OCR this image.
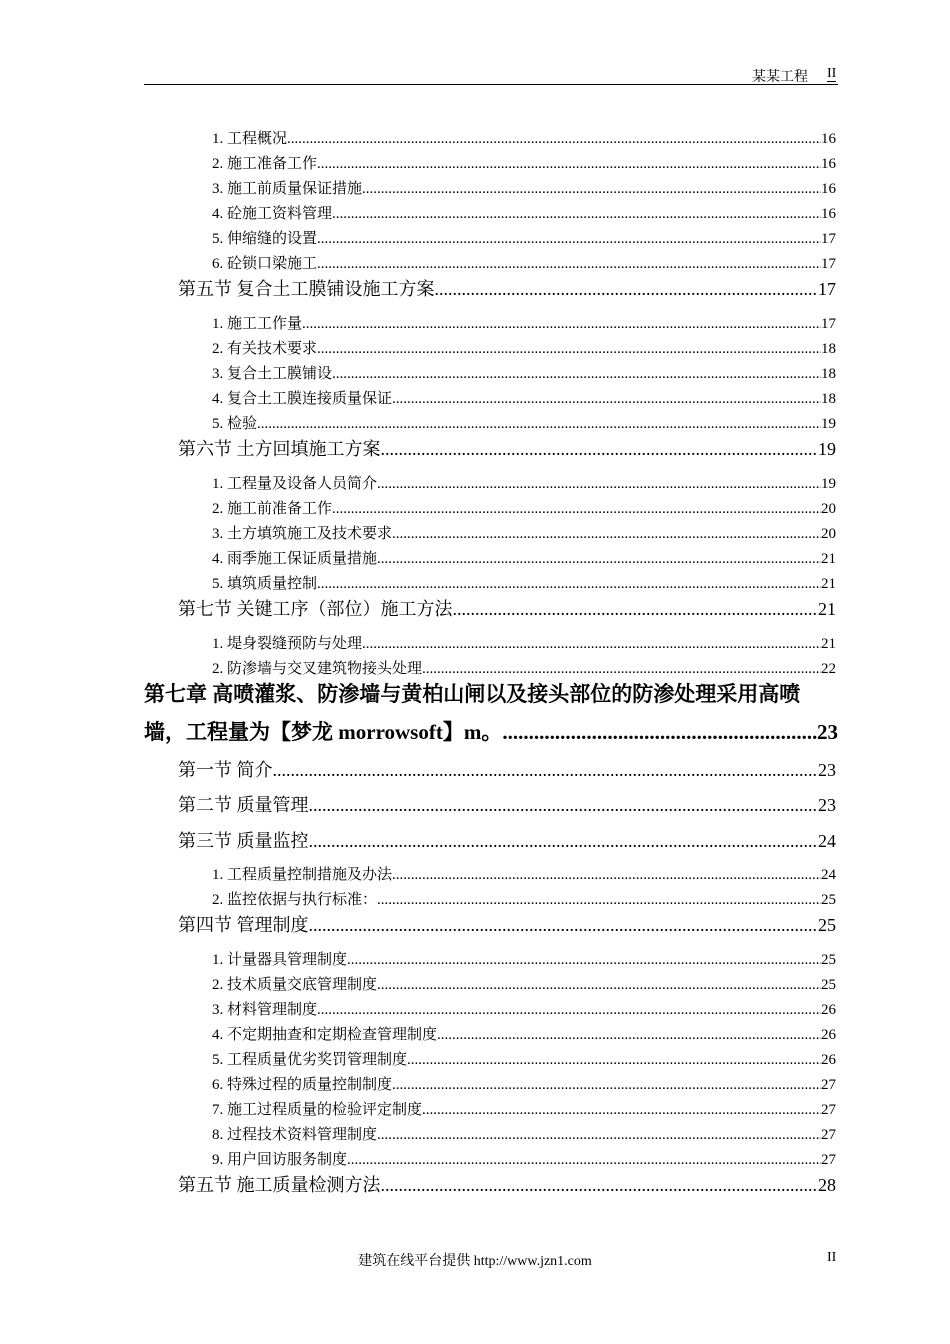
某某工程 II
1. 工程概况 .....	16
2. 施工准备工作 .....	16
3. 施工前质量保证措施 .....	16
4. 砼施工资料管理 .....	16
5. 伸缩缝的设置 .....	17
6. 砼锁口梁施工 .....	17
第五节 复合土工膜铺设施工方案 .....	17
1. 施工工作量 .....	17
2. 有关技术要求 .....	18
3. 复合土工膜铺设 .....	18
4. 复合土工膜连接质量保证 .....	18
5. 检验 .....	19
第六节 土方回填施工方案 .....	19
1. 工程量及设备人员简介 .....	19
2. 施工前准备工作 .....	20
3. 土方填筑施工及技术要求 .....	20
4. 雨季施工保证质量措施 .....	21
5. 填筑质量控制 .....	21
第七节 关键工序（部位）施工方法 .....	21
1. 堤身裂缝预防与处理 .....	21
2. 防渗墙与交叉建筑物接头处理 .....	22
第七章 高喷灌浆、防渗墙与黄柏山闸以及接头部位的防渗处理采用高喷
墙，工程量为【梦龙 morrowsoft】m。 .....	23
第一节 简介 .....	23
第二节 质量管理 .....	23
第三节 质量监控 .....	24
1. 工程质量控制措施及办法 .....	24
2. 监控依据与执行标准： .....	25
第四节 管理制度 .....	25
1. 计量器具管理制度 .....	25
2. 技术质量交底管理制度 .....	25
3. 材料管理制度 .....	26
4. 不定期抽查和定期检查管理制度 .....	26
5. 工程质量优劣奖罚管理制度 .....	26
6. 特殊过程的质量控制制度 .....	27
7. 施工过程质量的检验评定制度 .....	27
8. 过程技术资料管理制度 .....	27
9. 用户回访服务制度 .....	27
第五节 施工质量检测方法 .....	28
建筑在线平台提供 http://www.jzn1.com	II
